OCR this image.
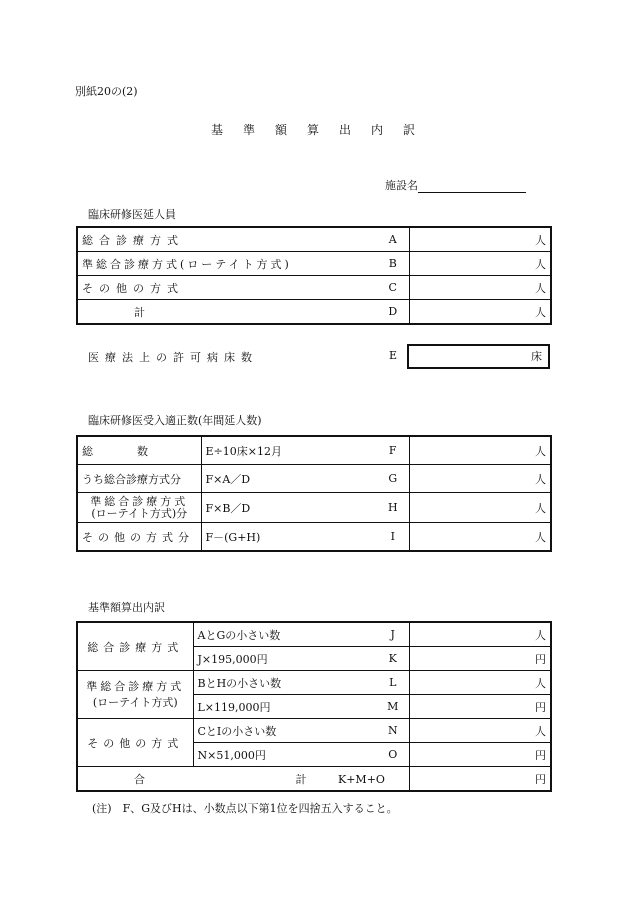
別紙20の(2)
基　準　額　算　出　内　訳
施設名
臨床研修医延人員
総合診療方式	A	人
準総合診療方式(ローテイト方式)	B	人
その他の方式	C	人
計	D	人
医療法上の許可病床数	E	床
臨床研修医受入適正数(年間延人数)
総　　　　数	E÷10床×12月	F	人
うち総合診療方式分	F×A／D	G	人

準総合診療方式
(ローテイト方式)分	F×B／D	H	人
その他の方式分	F－(G+H)	I	人
基準額算出内訳
総合診療方式	AとGの小さい数	J	人
	J×195,000円	K	円

準総合診療方式
(ローテイト方式)	BとHの小さい数	L	人
	L×119,000円	M	円
その他の方式	CとIの小さい数	N	人
	N×51,000円	O	円
合 計 K+M+O			円
(注)　F、G及びHは、小数点以下第1位を四捨五入すること。
